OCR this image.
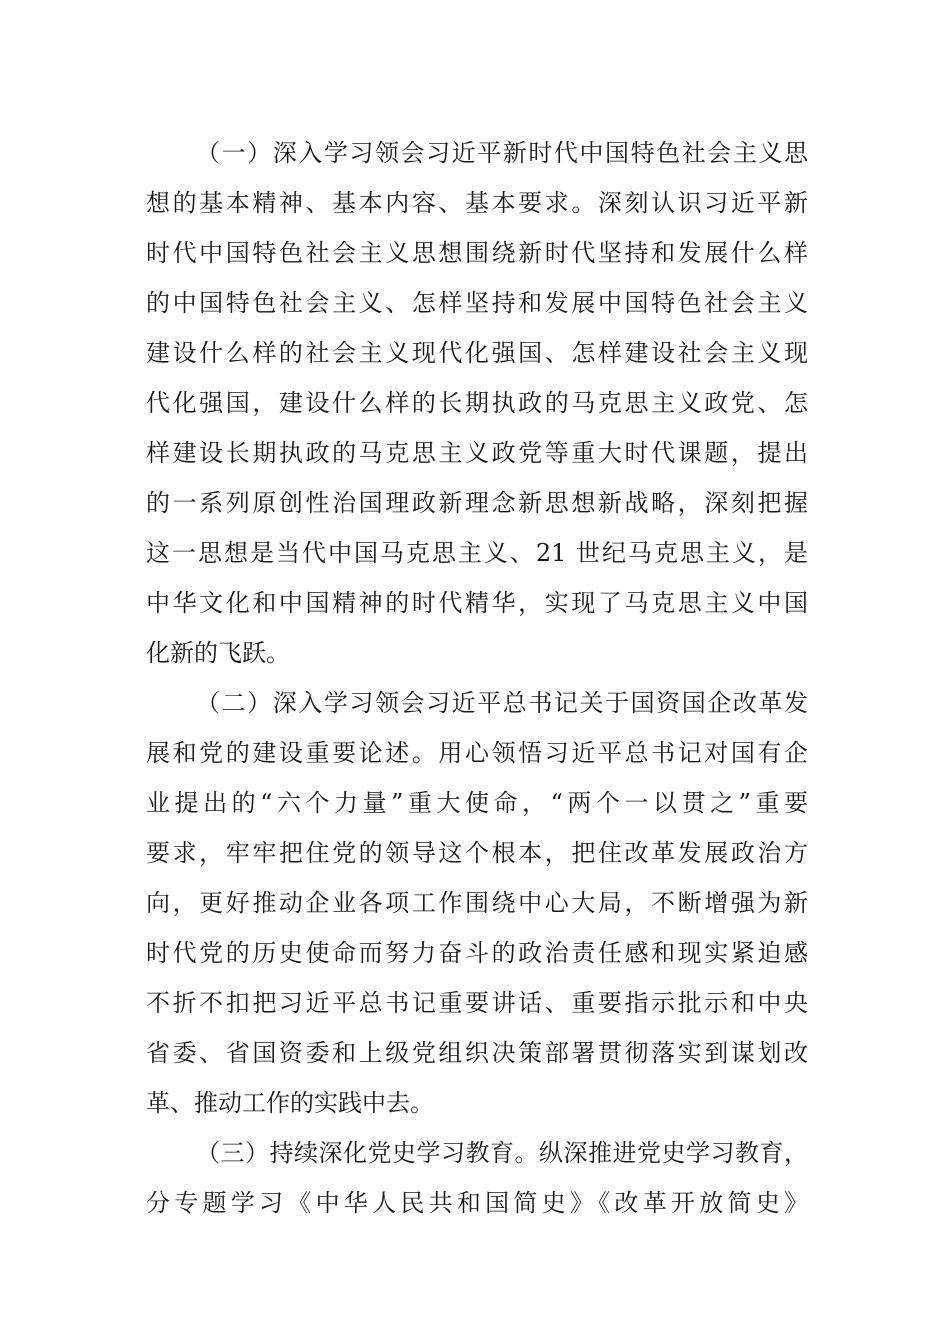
（一）深入学习领会习近平新时代中国特色社会主义思
想的基本精神、基本内容、基本要求。深刻认识习近平新
时代中国特色社会主义思想围绕新时代坚持和发展什么样
的中国特色社会主义、怎样坚持和发展中国特色社会主义
建设什么样的社会主义现代化强国、怎样建设社会主义现
代化强国，建设什么样的长期执政的马克思主义政党、怎
样建设长期执政的马克思主义政党等重大时代课题，提出
的一系列原创性治国理政新理念新思想新战略，深刻把握
这一思想是当代中国马克思主义、21 世纪马克思主义，是
中华文化和中国精神的时代精华，实现了马克思主义中国
化新的飞跃。
（二）深入学习领会习近平总书记关于国资国企改革发
展和党的建设重要论述。用心领悟习近平总书记对国有企
业提出的“六个力量”重大使命，“两个一以贯之”重要
要求，牢牢把住党的领导这个根本，把住改革发展政治方
向，更好推动企业各项工作围绕中心大局，不断增强为新
时代党的历史使命而努力奋斗的政治责任感和现实紧迫感
不折不扣把习近平总书记重要讲话、重要指示批示和中央
省委、省国资委和上级党组织决策部署贯彻落实到谋划改
革、推动工作的实践中去。
（三）持续深化党史学习教育。纵深推进党史学习教育，
分专题学习《中华人民共和国简史》《改革开放简史》
